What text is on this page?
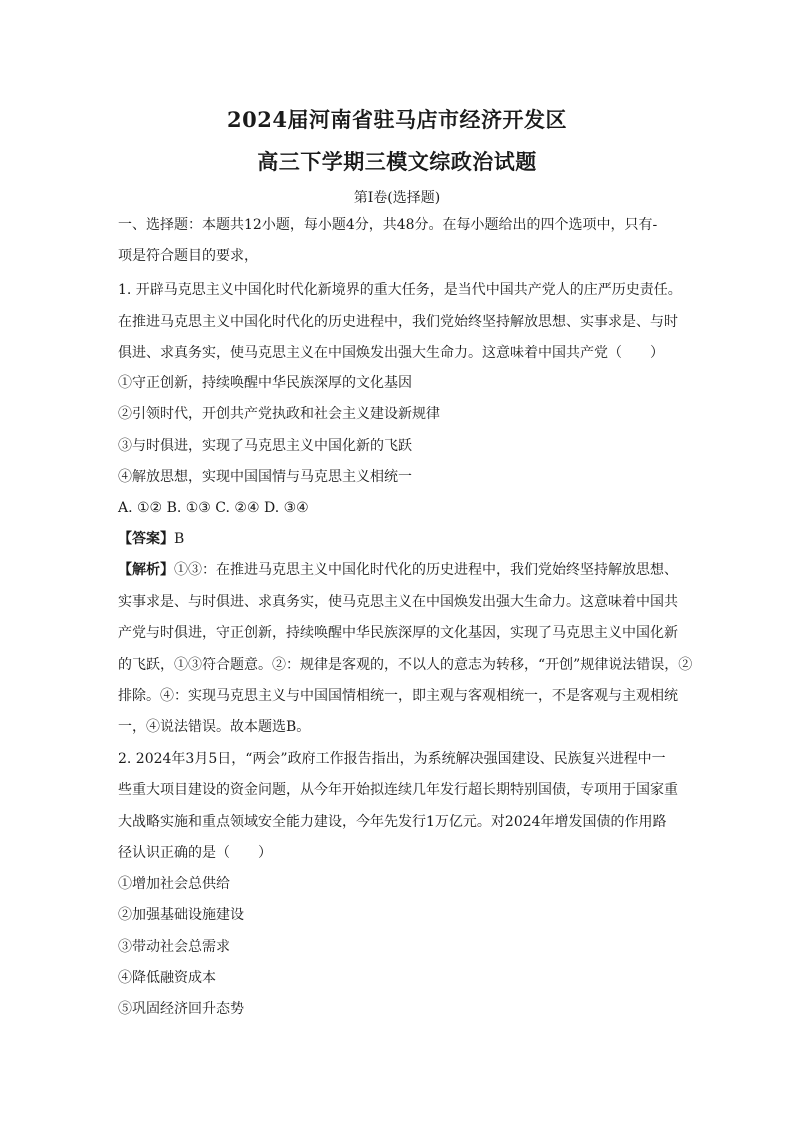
2024届河南省驻马店市经济开发区
高三下学期三模文综政治试题
第Ⅰ卷(选择题)
一、选择题：本题共12小题，每小题4分，共48分。在每小题给出的四个选项中，只有-
项是符合题目的要求，
1. 开辟马克思主义中国化时代化新境界的重大任务，是当代中国共产党人的庄严历史责任。
在推进马克思主义中国化时代化的历史进程中，我们党始终坚持解放思想、实事求是、与时
俱进、求真务实，使马克思主义在中国焕发出强大生命力。这意味着中国共产党（　　）
①守正创新，持续唤醒中华民族深厚的文化基因
②引领时代，开创共产党执政和社会主义建设新规律
③与时俱进，实现了马克思主义中国化新的飞跃
④解放思想，实现中国国情与马克思主义相统一
A. ①② B. ①③ C. ②④ D. ③④
【答案】B
【解析】①③：在推进马克思主义中国化时代化的历史进程中，我们党始终坚持解放思想、
实事求是、与时俱进、求真务实，使马克思主义在中国焕发出强大生命力。这意味着中国共
产党与时俱进，守正创新，持续唤醒中华民族深厚的文化基因，实现了马克思主义中国化新
的飞跃，①③符合题意。②：规律是客观的，不以人的意志为转移，“开创”规律说法错误，②
排除。④：实现马克思主义与中国国情相统一，即主观与客观相统一，不是客观与主观相统
一，④说法错误。故本题选B。
2. 2024年3月5日，“两会”政府工作报告指出，为系统解决强国建设、民族复兴进程中一
些重大项目建设的资金问题，从今年开始拟连续几年发行超长期特别国债，专项用于国家重
大战略实施和重点领域安全能力建设，今年先发行1万亿元。对2024年增发国债的作用路
径认识正确的是（　　）
①增加社会总供给
②加强基础设施建设
③带动社会总需求
④降低融资成本
⑤巩固经济回升态势
